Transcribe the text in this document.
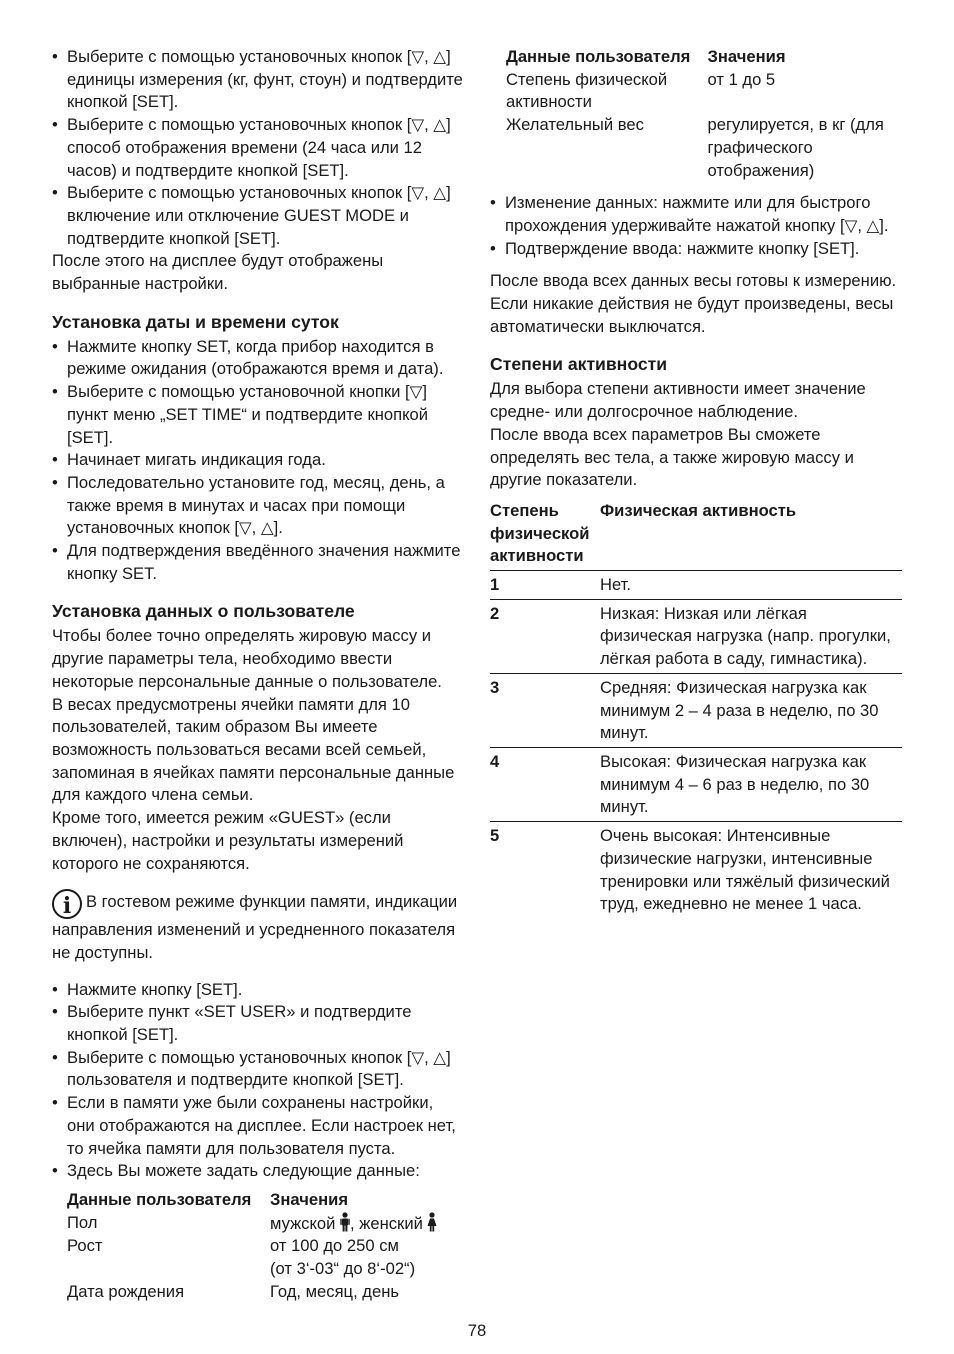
• Выберите с помощью установочных кнопок [▽, △] единицы измерения (кг, фунт, стоун) и подтвердите кнопкой [SET].
• Выберите с помощью установочных кнопок [▽, △] способ отображения времени (24 часа или 12 часов) и подтвердите кнопкой [SET].
• Выберите с помощью установочных кнопок [▽, △] включение или отключение GUEST MODE и подтвердите кнопкой [SET].

После этого на дисплее будут отображены выбранные настройки.

Установка даты и времени суток
• Нажмите кнопку SET, когда прибор находится в режиме ожидания (отображаются время и дата).
• Выберите с помощью установочной кнопки [▽] пункт меню „SET TIME“ и подтвердите кнопкой [SET].
• Начинает мигать индикация года.
• Последовательно установите год, месяц, день, а также время в минутах и часах при помощи установочных кнопок [▽, △].
• Для подтверждения введённого значения нажмите кнопку SET.
Установка данных о пользователе

Чтобы более точно определять жировую массу и другие параметры тела, необходимо ввести некоторые персональные данные о пользователе.

В весах предусмотрены ячейки памяти для 10 пользователей, таким образом Вы имеете возможность пользоваться весами всей семьей, запоминая в ячейках памяти персональные данные для каждого члена семьи.

Кроме того, имеется режим «GUEST» (если включен), настройки и результаты измерений которого не сохраняются.

i В гостевом режиме функции памяти, индикации направления изменений и усредненного показателя не доступны.
• Нажмите кнопку [SET].
• Выберите пункт «SET USER» и подтвердите кнопкой [SET].
• Выберите с помощью установочных кнопок [▽, △] пользователя и подтвердите кнопкой [SET].
• Если в памяти уже были сохранены настройки, они отображаются на дисплее. Если настроек нет, то ячейка памяти для пользователя пуста.
• Здесь Вы можете задать следующие данные:
Данные пользователя	Значения
Пол	мужской , женский
Рост	от 100 до 250 см
(от 3‘-03“ до 8‘-02“)

Дата рождения	Год, месяц, день
Данные пользователя	Значения
Степень физической активности	от 1 до 5
Желательный вес	регулируется, в кг (для графического отображения)
• Изменение данных: нажмите или для быстрого прохождения удерживайте нажатой кнопку [▽, △].
• Подтверждение ввода: нажмите кнопку [SET].

После ввода всех данных весы готовы к измерению. Если никакие действия не будут произведены, весы автоматически выключатся.

Степени активности

Для выбора степени активности имеет значение средне- или долгосрочное наблюдение.

После ввода всех параметров Вы сможете определять вес тела, а также жировую массу и другие показатели.

Степень физической активности	Физическая активность
1	Нет.
2	Низкая: Низкая или лёгкая физическая нагрузка (напр. прогулки, лёгкая работа в саду, гимнастика).
3	Средняя: Физическая нагрузка как минимум 2 – 4 раза в неделю, по 30 минут.
4	Высокая: Физическая нагрузка как минимум 4 – 6 раз в неделю, по 30 минут.
5	Очень высокая: Интенсивные физические нагрузки, интенсивные тренировки или тяжёлый физический труд, ежедневно не менее 1 часа.
78
